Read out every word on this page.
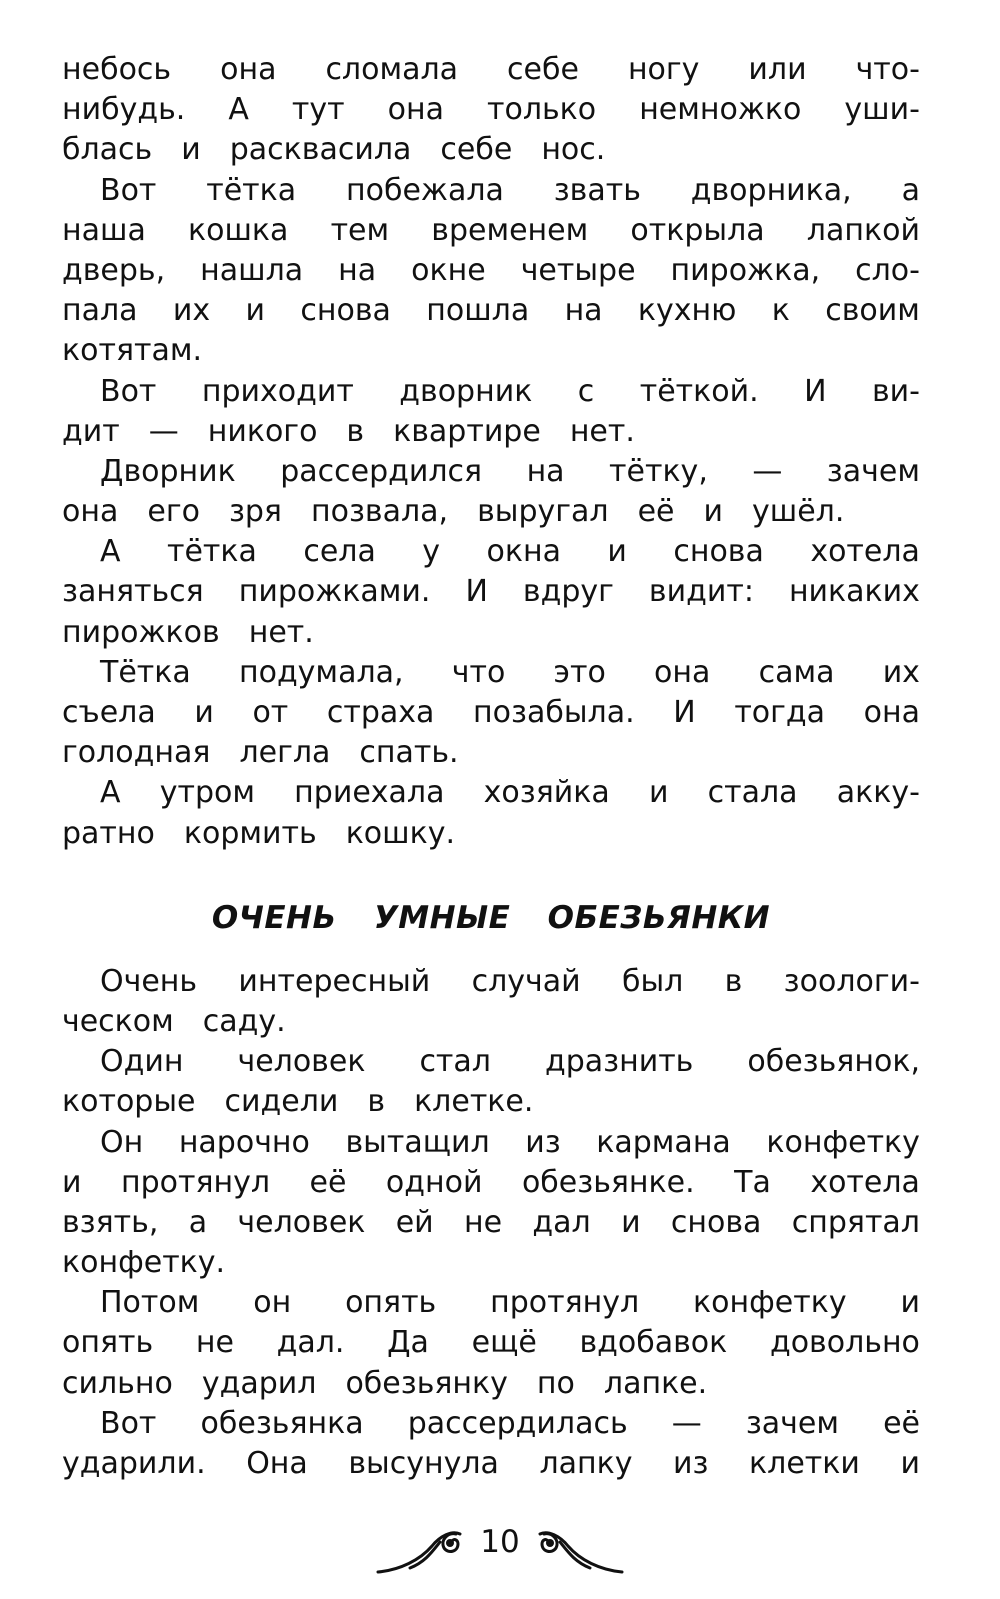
небось она сломала себе ногу или что-
нибудь. А тут она только немножко уши-
блась и расквасила себе нос.
Вот тётка побежала звать дворника, а
наша кошка тем временем открыла лапкой
дверь, нашла на окне четыре пирожка, сло-
пала их и снова пошла на кухню к своим
котятам.
Вот приходит дворник с тёткой. И ви-
дит — никого в квартире нет.
Дворник рассердился на тётку, — зачем
она его зря позвала, выругал её и ушёл.
А тётка села у окна и снова хотела
заняться пирожками. И вдруг видит: никаких
пирожков нет.
Тётка подумала, что это она сама их
съела и от страха позабыла. И тогда она
голодная легла спать.
А утром приехала хозяйка и стала акку-
ратно кормить кошку.
ОЧЕНЬ УМНЫЕ ОБЕЗЬЯНКИ
Очень интересный случай был в зоологи-
ческом саду.
Один человек стал дразнить обезьянок,
которые сидели в клетке.
Он нарочно вытащил из кармана конфетку
и протянул её одной обезьянке. Та хотела
взять, а человек ей не дал и снова спрятал
конфетку.
Потом он опять протянул конфетку и
опять не дал. Да ещё вдобавок довольно
сильно ударил обезьянку по лапке.
Вот обезьянка рассердилась — зачем её
ударили. Она высунула лапку из клетки и
10
